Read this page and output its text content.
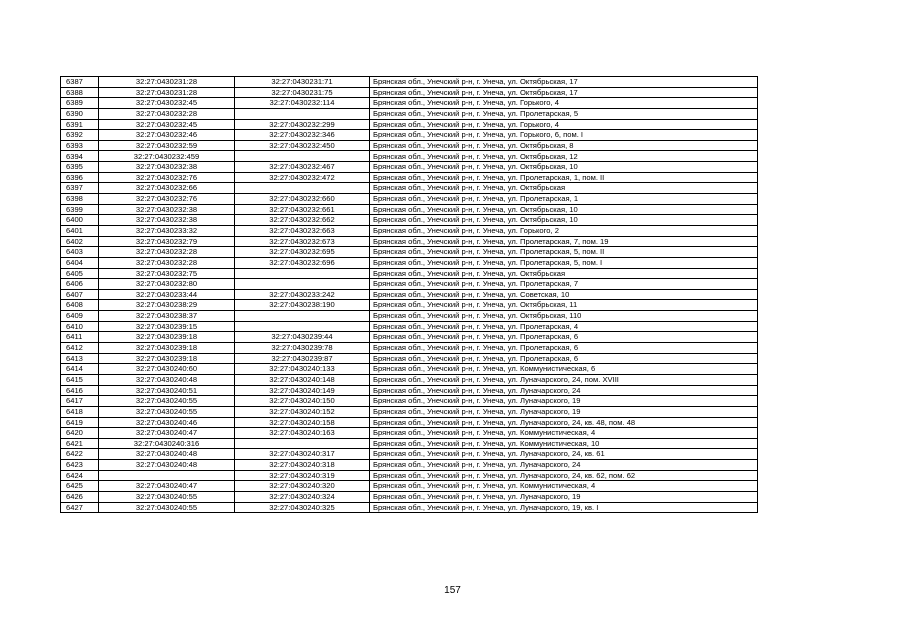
6387	32:27:0430231:28	32:27:0430231:71	Брянская обл., Унечский р-н, г. Унеча, ул. Октябрьская, 17
6388	32:27:0430231:28	32:27:0430231:75	Брянская обл., Унечский р-н, г. Унеча, ул. Октябрьская, 17
6389	32:27:0430232:45	32:27:0430232:114	Брянская обл., Унечский р-н, г. Унеча, ул. Горького, 4
6390	32:27:0430232:28		Брянская обл., Унечский р-н, г. Унеча, ул. Пролетарская, 5
6391	32:27:0430232:45	32:27:0430232:299	Брянская обл., Унечский р-н, г. Унеча, ул. Горького, 4
6392	32:27:0430232:46	32:27:0430232:346	Брянская обл., Унечский р-н, г. Унеча, ул. Горького, 6, пом. I
6393	32:27:0430232:59	32:27:0430232:450	Брянская обл., Унечский р-н, г. Унеча, ул. Октябрьская, 8
6394	32:27:0430232:459		Брянская обл., Унечский р-н, г. Унеча, ул. Октябрьская, 12
6395	32:27:0430232:38	32:27:0430232:467	Брянская обл., Унечский р-н, г. Унеча, ул. Октябрьская, 10
6396	32:27:0430232:76	32:27:0430232:472	Брянская обл., Унечский р-н, г. Унеча, ул. Пролетарская, 1, пом. II
6397	32:27:0430232:66		Брянская обл., Унечский р-н, г. Унеча, ул. Октябрьская
6398	32:27:0430232:76	32:27:0430232:660	Брянская обл., Унечский р-н, г. Унеча, ул. Пролетарская, 1
6399	32:27:0430232:38	32:27:0430232:661	Брянская обл., Унечский р-н, г. Унеча, ул. Октябрьская, 10
6400	32:27:0430232:38	32:27:0430232:662	Брянская обл., Унечский р-н, г. Унеча, ул. Октябрьская, 10
6401	32:27:0430233:32	32:27:0430232:663	Брянская обл., Унечский р-н, г. Унеча, ул. Горького, 2
6402	32:27:0430232:79	32:27:0430232:673	Брянская обл., Унечский р-н, г. Унеча, ул. Пролетарская, 7, пом. 19
6403	32:27:0430232:28	32:27:0430232:695	Брянская обл., Унечский р-н, г. Унеча, ул. Пролетарская, 5, пом. II
6404	32:27:0430232:28	32:27:0430232:696	Брянская обл., Унечский р-н, г. Унеча, ул. Пролетарская, 5, пом. I
6405	32:27:0430232:75		Брянская обл., Унечский р-н, г. Унеча, ул. Октябрьская
6406	32:27:0430232:80		Брянская обл., Унечский р-н, г. Унеча, ул. Пролетарская, 7
6407	32:27:0430233:44	32:27:0430233:242	Брянская обл., Унечский р-н, г. Унеча, ул. Советская, 10
6408	32:27:0430238:29	32:27:0430238:190	Брянская обл., Унечский р-н, г. Унеча, ул. Октябрьская, 11
6409	32:27:0430238:37		Брянская обл., Унечский р-н, г. Унеча, ул. Октябрьская, 110
6410	32:27:0430239:15		Брянская обл., Унечский р-н, г. Унеча, ул. Пролетарская, 4
6411	32:27:0430239:18	32:27:0430239:44	Брянская обл., Унечский р-н, г. Унеча, ул. Пролетарская, 6
6412	32:27:0430239:18	32:27:0430239:78	Брянская обл., Унечский р-н, г. Унеча, ул. Пролетарская, 6
6413	32:27:0430239:18	32:27:0430239:87	Брянская обл., Унечский р-н, г. Унеча, ул. Пролетарская, 6
6414	32:27:0430240:60	32:27:0430240:133	Брянская обл., Унечский р-н, г. Унеча, ул. Коммунистическая, 6
6415	32:27:0430240:48	32:27:0430240:148	Брянская обл., Унечский р-н, г. Унеча, ул. Луначарского, 24, пом. XVIII
6416	32:27:0430240:51	32:27:0430240:149	Брянская обл., Унечский р-н, г. Унеча, ул. Луначарского, 24
6417	32:27:0430240:55	32:27:0430240:150	Брянская обл., Унечский р-н, г. Унеча, ул. Луначарского, 19
6418	32:27:0430240:55	32:27:0430240:152	Брянская обл., Унечский р-н, г. Унеча, ул. Луначарского, 19
6419	32:27:0430240:46	32:27:0430240:158	Брянская обл., Унечский р-н, г. Унеча, ул. Луначарского, 24, кв. 48, пом. 48
6420	32:27:0430240:47	32:27:0430240:163	Брянская обл., Унечский р-н, г. Унеча, ул. Коммунистическая, 4
6421	32:27:0430240:316		Брянская обл., Унечский р-н, г. Унеча, ул. Коммунистическая, 10
6422	32:27:0430240:48	32:27:0430240:317	Брянская обл., Унечский р-н, г. Унеча, ул. Луначарского, 24, кв. 61
6423	32:27:0430240:48	32:27:0430240:318	Брянская обл., Унечский р-н, г. Унеча, ул. Луначарского, 24
6424		32:27:0430240:319	Брянская обл., Унечский р-н, г. Унеча, ул. Луначарского, 24, кв. 62, пом. 62
6425	32:27:0430240:47	32:27:0430240:320	Брянская обл., Унечский р-н, г. Унеча, ул. Коммунистическая, 4
6426	32:27:0430240:55	32:27:0430240:324	Брянская обл., Унечский р-н, г. Унеча, ул. Луначарского, 19
6427	32:27:0430240:55	32:27:0430240:325	Брянская обл., Унечский р-н, г. Унеча, ул. Луначарского, 19, кв. I
157
